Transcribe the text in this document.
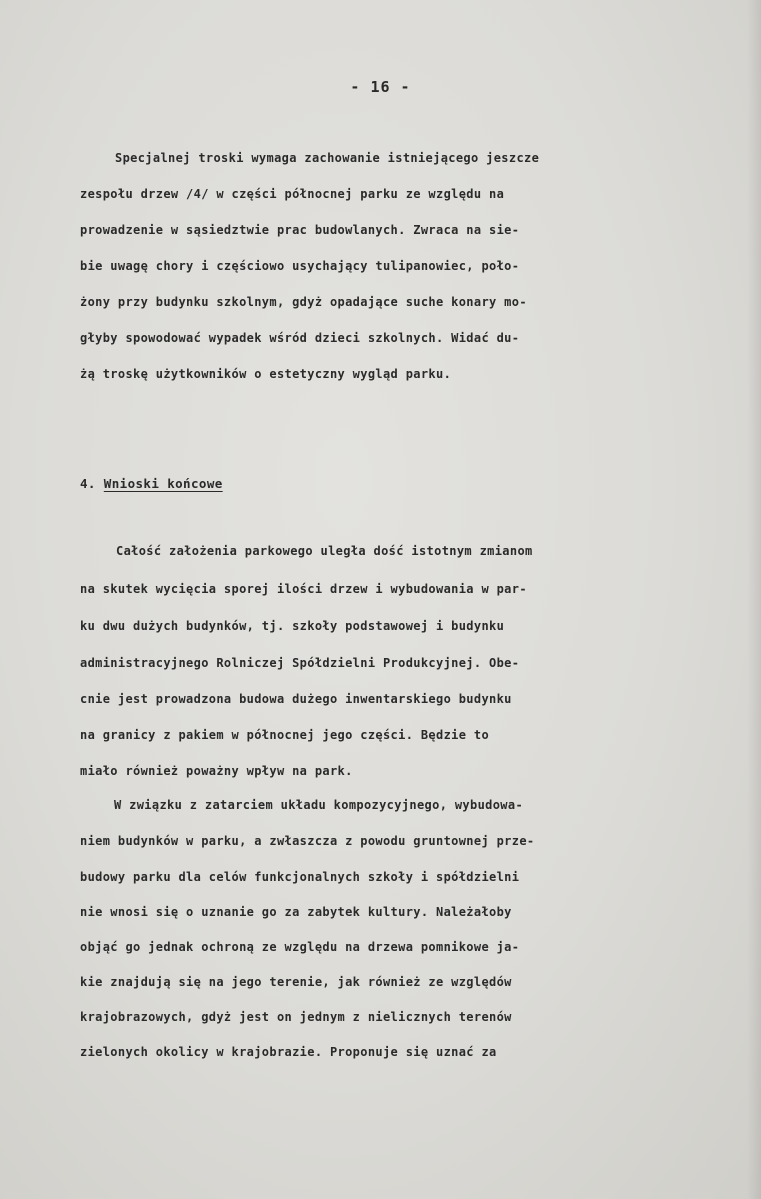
- 16 -
Specjalnej troski wymaga zachowanie istniejącego jeszcze
zespołu drzew /4/ w części północnej parku ze względu na
prowadzenie w sąsiedztwie prac budowlanych. Zwraca na sie-
bie uwagę chory i częściowo usychający tulipanowiec, poło-
żony przy budynku szkolnym, gdyż opadające suche konary mo-
głyby spowodować wypadek wśród dzieci szkolnych. Widać du-
żą troskę użytkowników o estetyczny wygląd parku.
4. Wnioski końcowe
Całość założenia parkowego uległa dość istotnym zmianom
na skutek wycięcia sporej ilości drzew i wybudowania w par-
ku dwu dużych budynków, tj. szkoły podstawowej i budynku
administracyjnego Rolniczej Spółdzielni Produkcyjnej. Obe-
cnie jest prowadzona budowa dużego inwentarskiego budynku
na granicy z pakiem w północnej jego części. Będzie to
miało również poważny wpływ na park.
W związku z zatarciem układu kompozycyjnego, wybudowa-
niem budynków w parku, a zwłaszcza z powodu gruntownej prze-
budowy parku dla celów funkcjonalnych szkoły i spółdzielni
nie wnosi się o uznanie go za zabytek kultury. Należałoby
objąć go jednak ochroną ze względu na drzewa pomnikowe ja-
kie znajdują się na jego terenie, jak również ze względów
krajobrazowych, gdyż jest on jednym z nielicznych terenów
zielonych okolicy w krajobrazie. Proponuje się uznać za
